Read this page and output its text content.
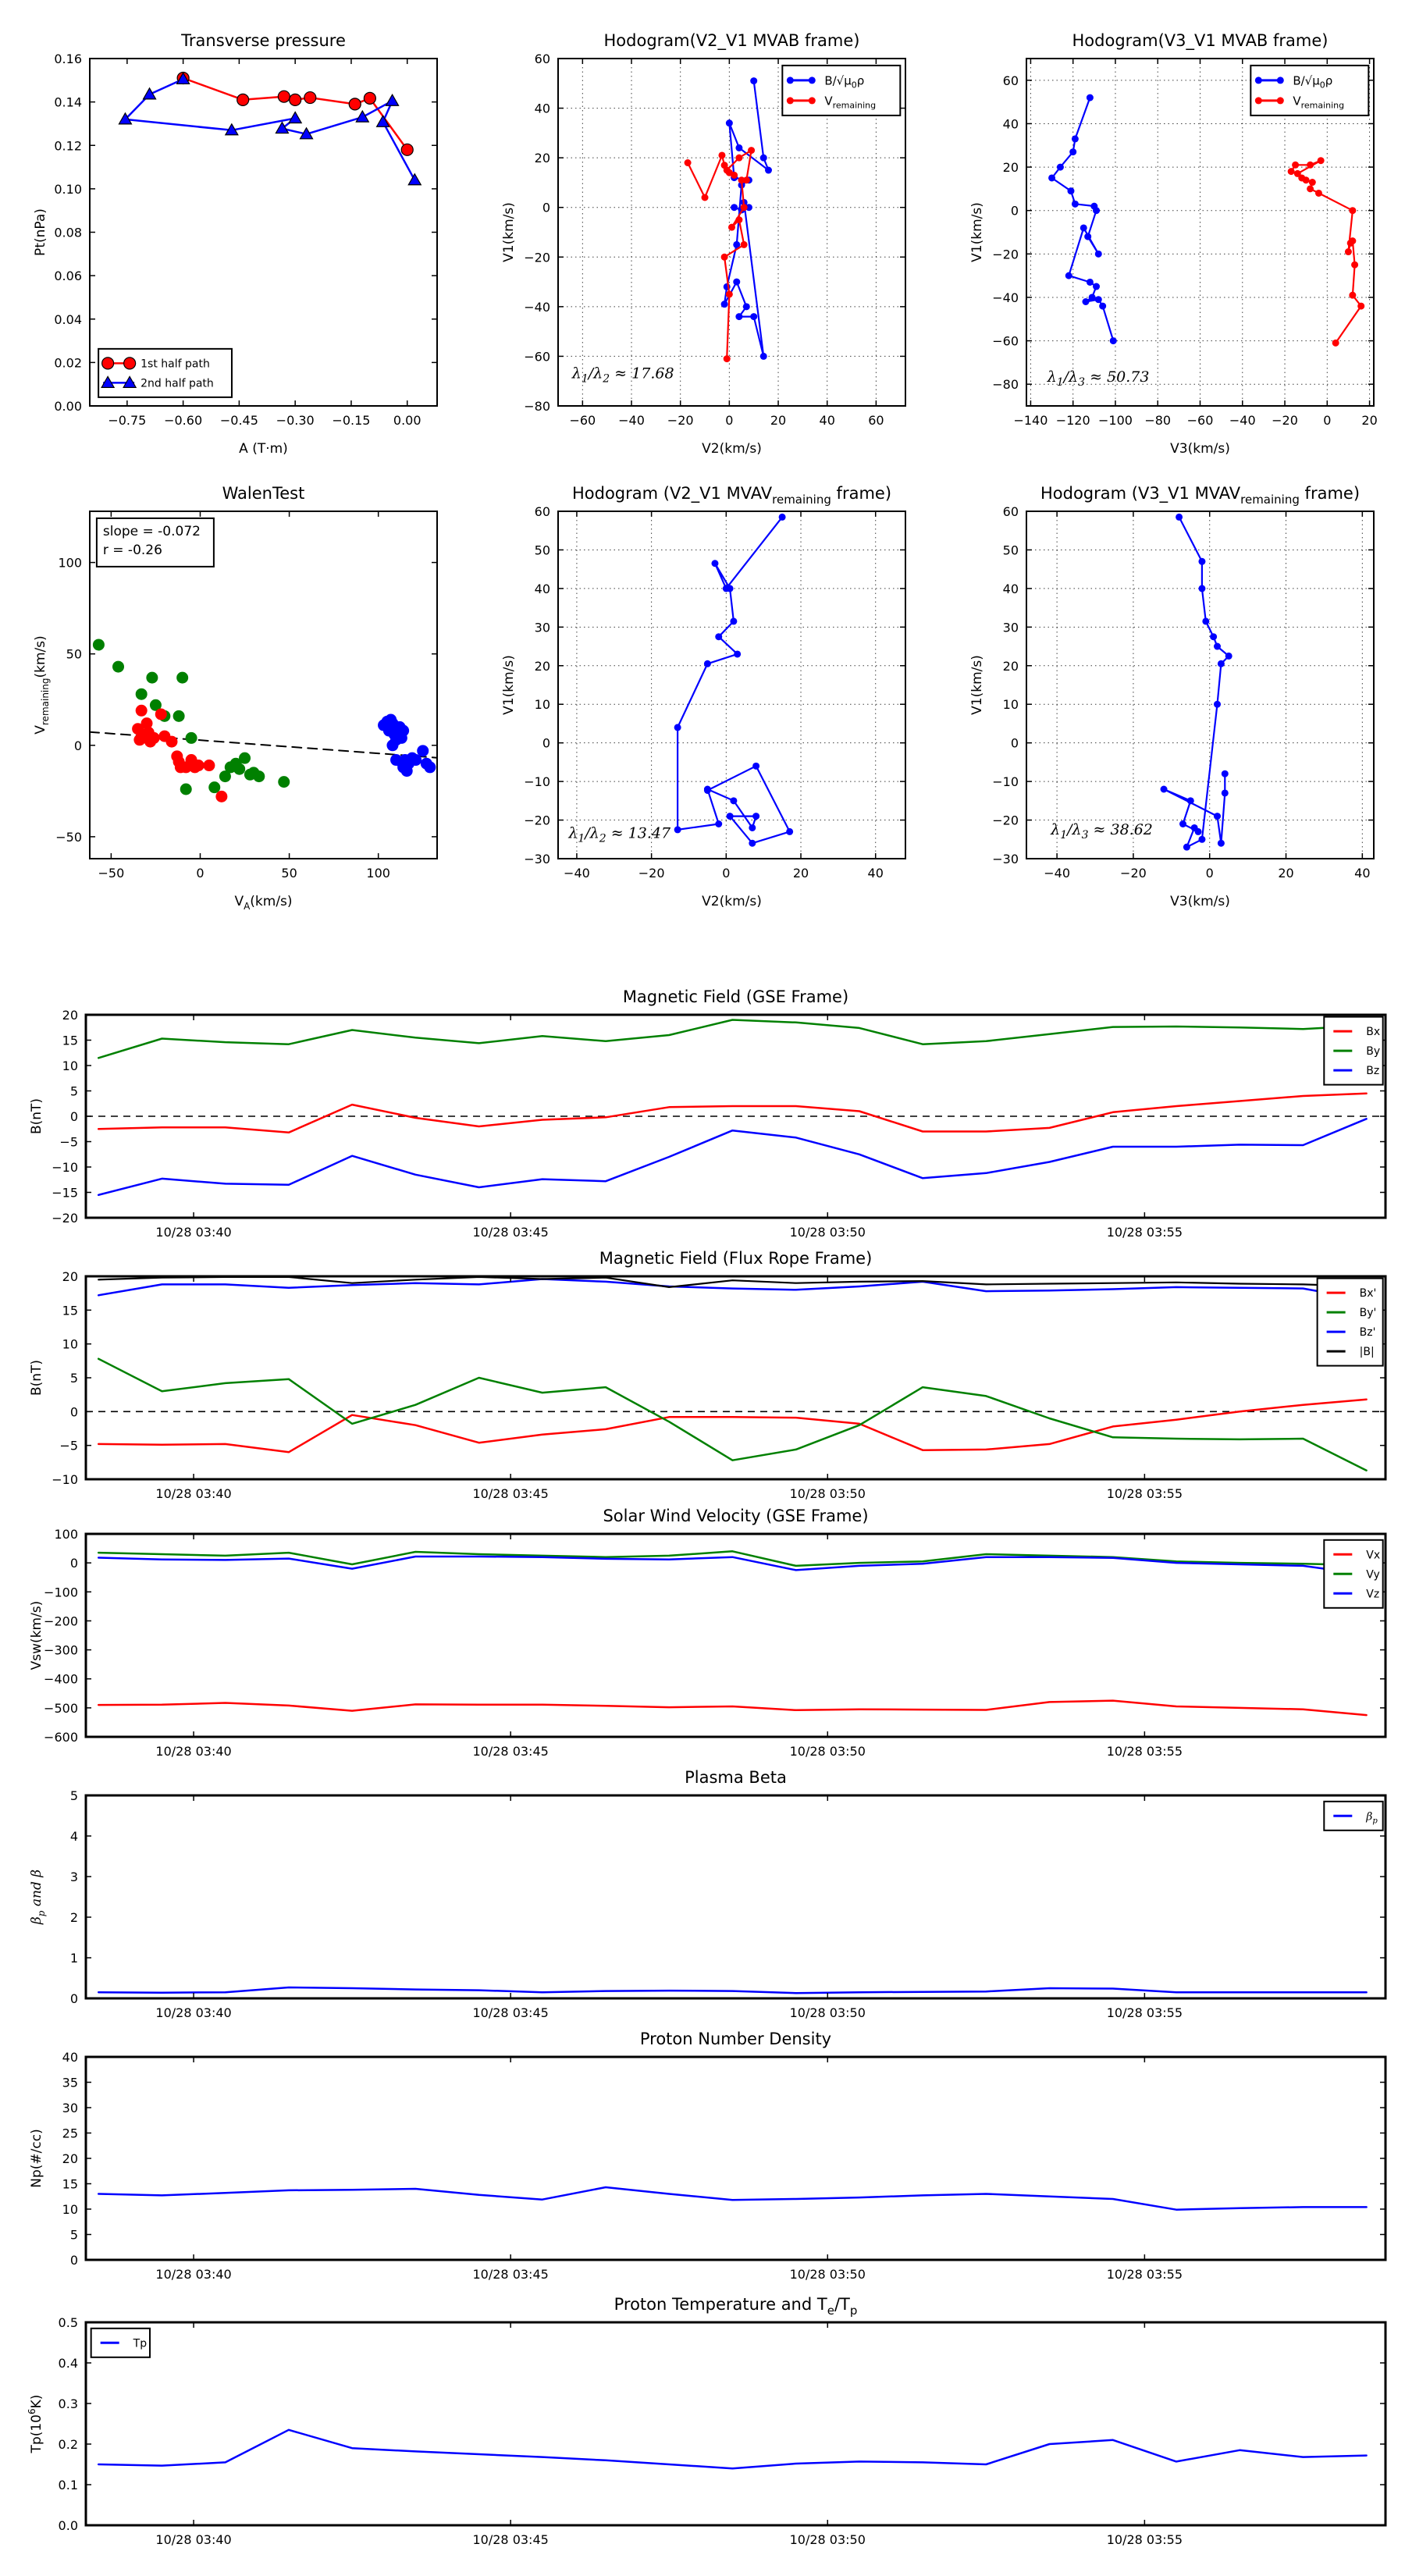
−0.75 −0.60 −0.45 −0.30 −0.15 0.00
0.00
0.02
0.04
0.06
0.08
0.10
0.12
0.14
0.16
Transverse pressure
A (T·m)
Pt(nPa)
1st half path
2nd half path
−60 −40 −20	0	20	40	60
−80
−60
−40
−20
0
20
40
60
Hodogram(V2_V1 MVAB frame)
V2(km/s)
V1(km/s)
$\lambda_1/\lambda_2 \approx 17.68$
$B/√\mu_0\rho$
$V_{remaining}$
−140 −120 −100 −80 −60 −40 −20 0 20
−80
−60
−40
−20
0
20
40
60
Hodogram(V3_V1 MVAB frame)
V3(km/s)
V1(km/s)
$\lambda_1/\lambda_3 \approx 50.73$
$B/√\mu_0\rho$
$V_{remaining}$
−50	0	50	100
−50
0
50
100
WalenTest
$V_A(km/s)$
$V_{remaining}(km/s)$
slope = -0.072
r = -0.26
−40	−20	0	20	40
−30
−20
−10
0
10
20
30
40
50
60
Hodogram (V2_V1 $MVAV_{remaining}$ frame)
V2(km/s)
V1(km/s)
$\lambda_1/\lambda_2 \approx 13.47$
−40	−20	0	20	40
−30
−20
−10
0
10
20
30
40
50
60
Hodogram (V3_V1 $MVAV_{remaining}$ frame)
V3(km/s)
V1(km/s)
$\lambda_1/\lambda_3 \approx 38.62$
10/28 03:40	10/28 03:45	10/28 03:50	10/28 03:55
−20
−15
−10
−5
0
5
10
15
20
Magnetic Field (GSE Frame)
B(nT)
Bx
By
Bz
10/28 03:40	10/28 03:45	10/28 03:50	10/28 03:55
−10
−5
0
5
10
15
20
Magnetic Field (Flux Rope Frame)
B(nT)
Bx'
By'
Bz'
|B|
10/28 03:40	10/28 03:45	10/28 03:50	10/28 03:55
−600
−500
−400
−300
−200
−100
0
100
Solar Wind Velocity (GSE Frame)
Vsw(km/s)
Vx
Vy
Vz
10/28 03:40	10/28 03:45	10/28 03:50	10/28 03:55
0
1
2
3
4
5
Plasma Beta
$\beta_p$ and β
$\beta_p$
10/28 03:40	10/28 03:45	10/28 03:50	10/28 03:55
0
5
10
15
20
25
30
35
40
Proton Number Density
Np(#/cc)
10/28 03:40	10/28 03:45	10/28 03:50	10/28 03:55
0.0
0.1
0.2
0.3
0.4
0.5
Proton Temperature and $T_e/T_p$
$Tp(10^6K)$
Tp
